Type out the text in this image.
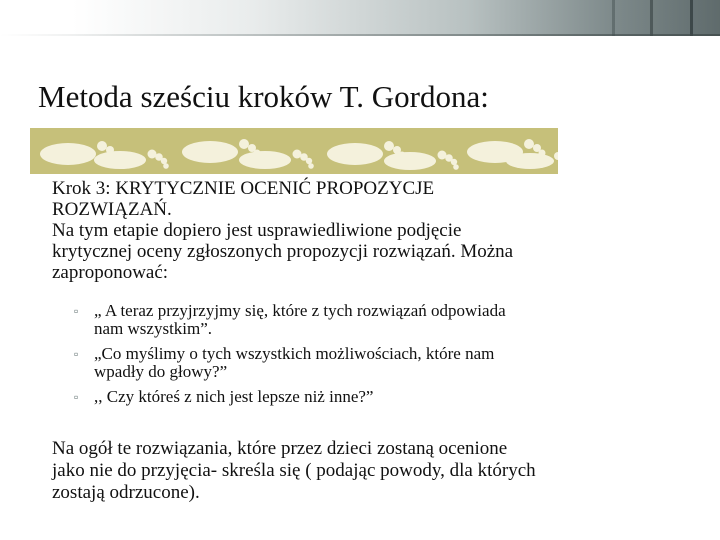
Metoda sześciu kroków T. Gordona:
Krok 3: KRYTYCZNIE OCENIĆ PROPOZYCJE
ROZWIĄZAŃ.
Na tym etapie dopiero jest usprawiedliwione podjęcie
krytycznej oceny zgłoszonych propozycji rozwiązań. Można
zaproponować:
▫ „ A teraz przyjrzyjmy się, które z tych rozwiązań odpowiada
nam wszystkim”.
▫ „Co myślimy o tych wszystkich możliwościach, które nam
wpadły do głowy?”
▫ ,, Czy któreś z nich jest lepsze niż inne?”
Na ogół te rozwiązania, które przez dzieci zostaną ocenione
jako nie do przyjęcia- skreśla się ( podając powody, dla których
zostają odrzucone).
